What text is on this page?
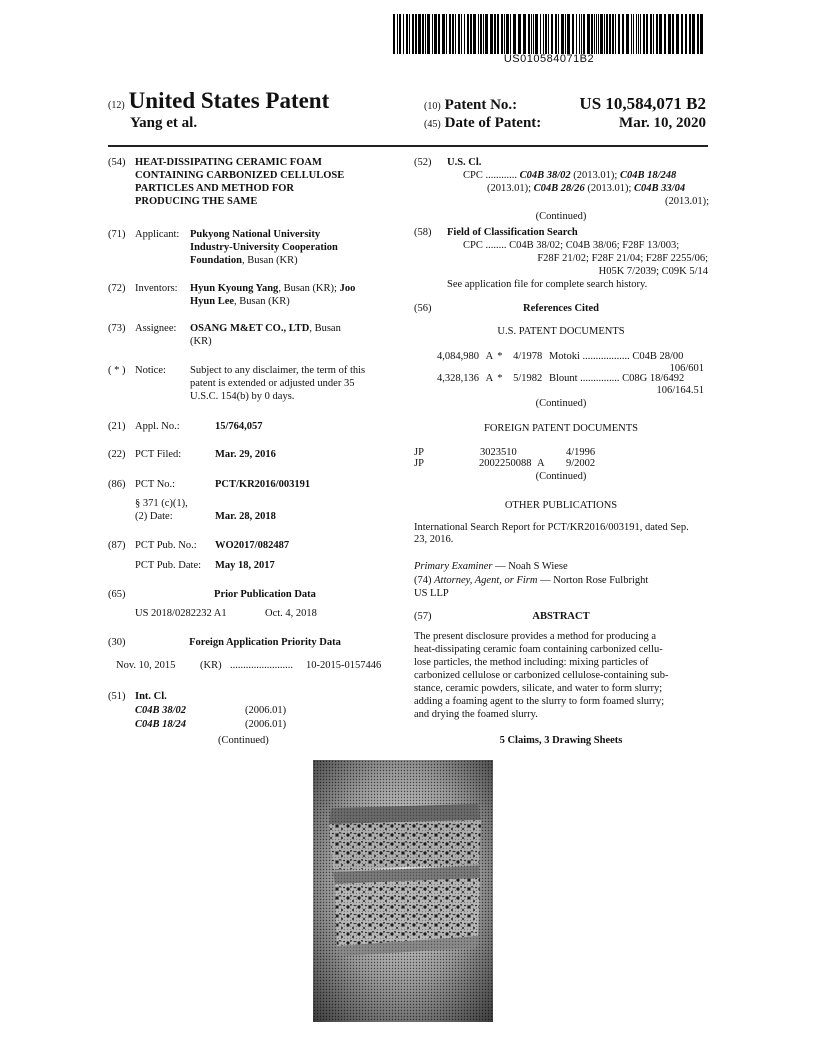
US010584071B2
(12) United States Patent
Yang et al.
(10) Patent No.:	US 10,584,071 B2
(45) Date of Patent:	Mar. 10, 2020
(54) HEAT-DISSIPATING CERAMIC FOAM
CONTAINING CARBONIZED CELLULOSE
PARTICLES AND METHOD FOR
PRODUCING THE SAME
(71) Applicant: Pukyong National University
Industry-University Cooperation
Foundation, Busan (KR)
(72) Inventors: Hyun Kyoung Yang, Busan (KR); Joo
Hyun Lee, Busan (KR)
(73) Assignee: OSANG M&ET CO., LTD, Busan
(KR)
( * ) Notice: Subject to any disclaimer, the term of this
patent is extended or adjusted under 35
U.S.C. 154(b) by 0 days.
(21) Appl. No.:	15/764,057
(22) PCT Filed:	Mar. 29, 2016
(86) PCT No.:	PCT/KR2016/003191
§ 371 (c)(1),
(2) Date:	Mar. 28, 2018
(87) PCT Pub. No.: WO2017/082487
PCT Pub. Date: May 18, 2017
(65)	Prior Publication Data
US 2018/0282232 A1	Oct. 4, 2018
(30)	Foreign Application Priority Data
Nov. 10, 2015 (KR) ........................ 10-2015-0157446
(51) Int. Cl.
C04B 38/02	(2006.01)
C04B 18/24	(2006.01)
(Continued)
(52) U.S. Cl.
CPC ............ C04B 38/02 (2013.01); C04B 18/248
(2013.01); C04B 28/26 (2013.01); C04B 33/04
(2013.01);
(Continued)
(58) Field of Classification Search
CPC ........ C04B 38/02; C04B 38/06; F28F 13/003;
F28F 21/02; F28F 21/04; F28F 2255/06;
H05K 7/2039; C09K 5/14
See application file for complete search history.
(56)	References Cited
U.S. PATENT DOCUMENTS
4,084,980 A * 4/1978 Motoki .................. C04B 28/00
106/601
4,328,136 A * 5/1982 Blount ............... C08G 18/6492
106/164.51
(Continued)
FOREIGN PATENT DOCUMENTS
JP	3023510	4/1996
JP	2002250088 A 9/2002
(Continued)
OTHER PUBLICATIONS
International Search Report for PCT/KR2016/003191, dated Sep.
23, 2016.
Primary Examiner — Noah S Wiese
(74) Attorney, Agent, or Firm — Norton Rose Fulbright
US LLP
(57)	ABSTRACT
The present disclosure provides a method for producing a
heat-dissipating ceramic foam containing carbonized cellu-
lose particles, the method including: mixing particles of
carbonized cellulose or carbonized cellulose-containing sub-
stance, ceramic powders, silicate, and water to form slurry;
adding a foaming agent to the slurry to form foamed slurry;
and drying the foamed slurry.
5 Claims, 3 Drawing Sheets
